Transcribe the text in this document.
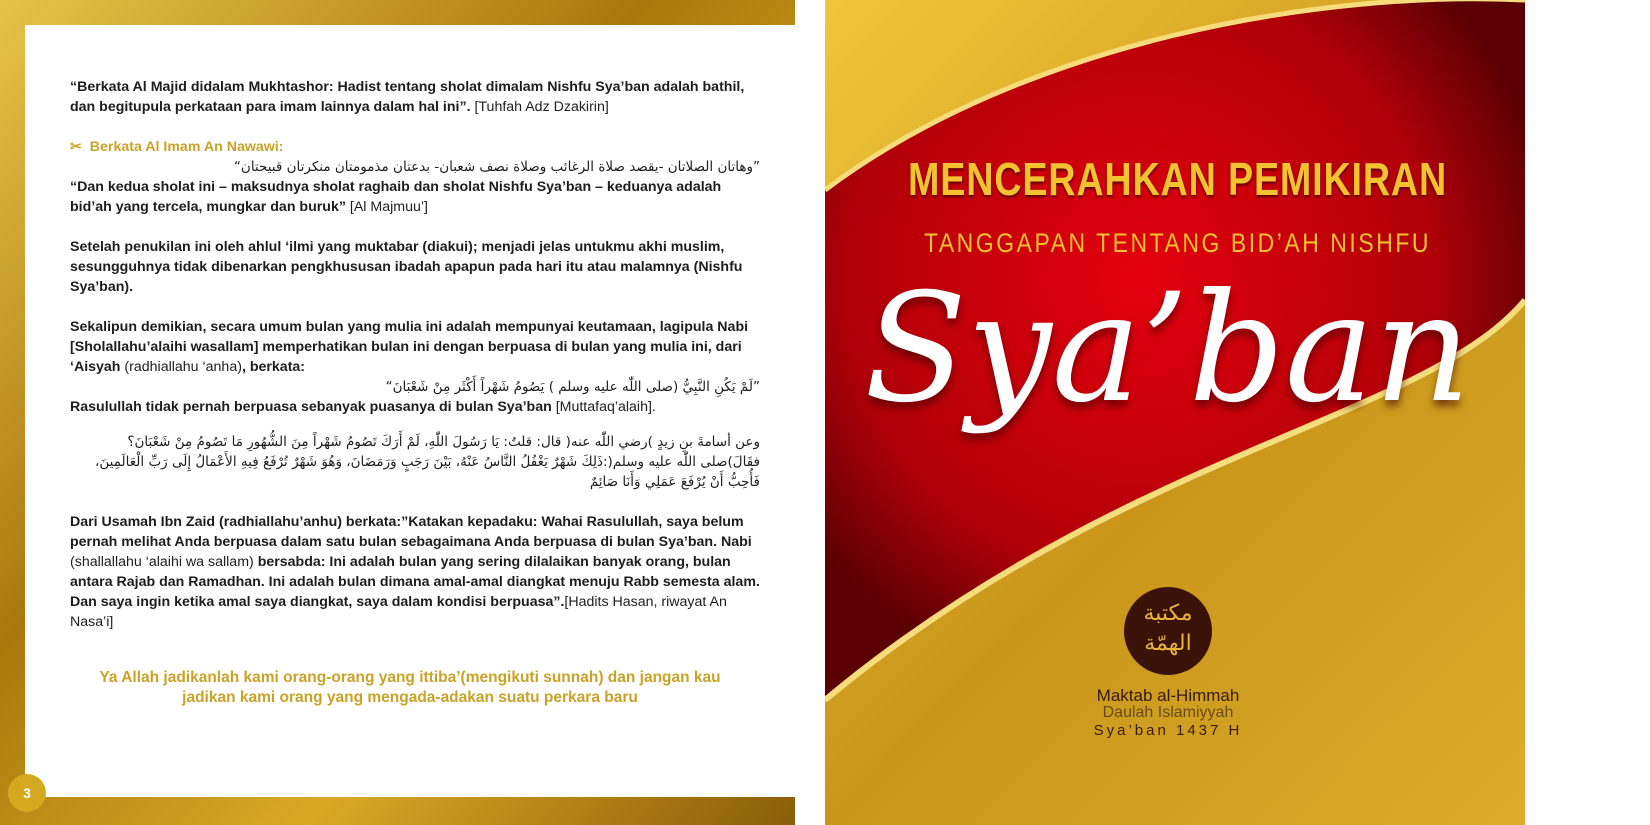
“Berkata Al Majid didalam Mukhtashor: Hadist tentang sholat dimalam Nishfu Sya’ban adalah bathil, dan begitupula perkataan para imam lainnya dalam hal ini”. [Tuhfah Adz Dzakirin]
✂  Berkata Al Imam An Nawawi:
”وهاتان الصلاتان -يقصد صلاة الرغائب وصلاة نصف شعبان- بدعتان مذمومتان منكرتان قبيحتان“
“Dan kedua sholat ini – maksudnya sholat raghaib dan sholat Nishfu Sya’ban – keduanya adalah bid’ah yang tercela, mungkar dan buruk” [Al Majmuu’]
Setelah penukilan ini oleh ahlul ‘ilmi yang muktabar (diakui); menjadi jelas untukmu akhi muslim, sesungguhnya tidak dibenarkan pengkhususan ibadah apapun pada hari itu atau malamnya (Nishfu Sya’ban).
Sekalipun demikian, secara umum bulan yang mulia ini adalah mempunyai keutamaan, lagipula Nabi [Sholallahu’alaihi wasallam] memperhatikan bulan ini dengan berpuasa di bulan yang mulia ini, dari ‘Aisyah (radhiallahu ‘anha), berkata:
”لَمْ يَكُنِ النَّبِيُّ (صلى اللّٰه عليه وسلم ) يَصُومُ شَهْراً أَكْثَر مِنْ شَعْبَانَ“
Rasulullah tidak pernah berpuasa sebanyak puasanya di bulan Sya’ban [Muttafaq’alaih].
وعن أسامةَ بنِ زيدٍ )رضي اللّٰه عنه( قال: قلتُ: يَا رَسُولَ اللّٰهِ، لَمْ أَرَكَ تَصُومُ شَهْراً مِنَ الشُّهُورِ مَا تَصُومُ مِنْ شَعْبَانَ؟ فقَالَ)صلى اللّٰه عليه وسلم(:ذَلِكَ شَهْرٌ يَغْفُلُ النَّاسُ عَنْهُ، بَيْنَ رَجَبٍ وَرَمَضَانَ، وَهُوَ شَهْرٌ تُرْفَعُ فِيهِ الأَعْمَالُ إِلَى رَبِّ الْعَالَمِينَ، فَأُحِبُّ أَنْ يُرْفَعَ عَمَلِي وَأَنَا صَائِمٌ
Dari Usamah Ibn Zaid (radhiallahu’anhu) berkata:”Katakan kepadaku: Wahai Rasulullah, saya belum pernah melihat Anda berpuasa dalam satu bulan sebagaimana Anda berpuasa di bulan Sya’ban. Nabi (shallallahu ‘alaihi wa sallam) bersabda: Ini adalah bulan yang sering dilalaikan banyak orang, bulan antara Rajab dan Ramadhan. Ini adalah bulan dimana amal-amal diangkat menuju Rabb semesta alam. Dan saya ingin ketika amal saya diangkat, saya dalam kondisi berpuasa”.[Hadits Hasan, riwayat An Nasa’i]
Ya Allah jadikanlah kami orang-orang yang ittiba’(mengikuti sunnah) dan jangan kau jadikan kami orang yang mengada-adakan suatu perkara baru
3
MENCERAHKAN PEMIKIRAN
TANGGAPAN TENTANG BID’AH NISHFU
Sya’ban
مكتبة الهمّة
Maktab al-Himmah
Daulah Islamiyyah
Sya’ban 1437 H
